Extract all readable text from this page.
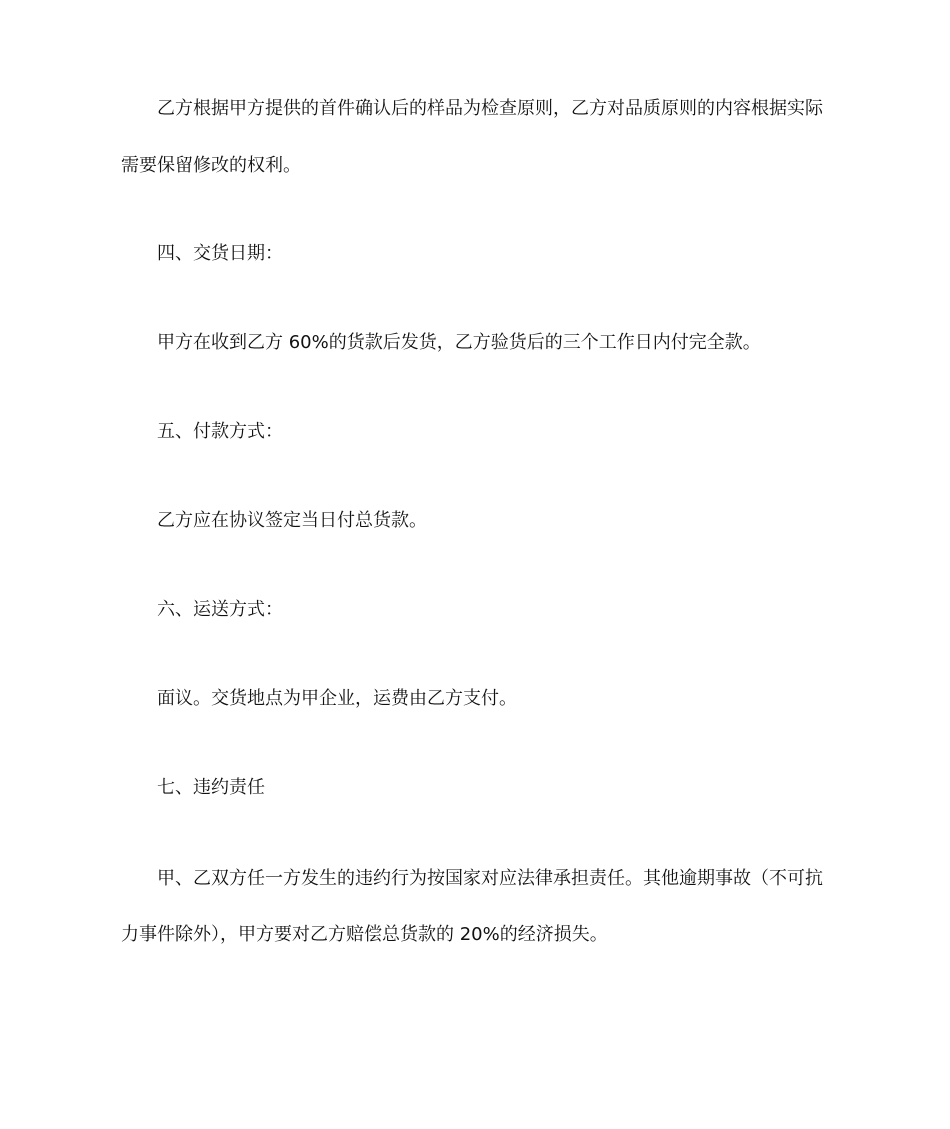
乙方根据甲方提供的首件确认后的样品为检查原则，乙方对品质原则的内容根据实际

需要保留修改的权利。

四、交货日期：

甲方在收到乙方 60%的货款后发货，乙方验货后的三个工作日内付完全款。

五、付款方式：

乙方应在协议签定当日付总货款。

六、运送方式：

面议。交货地点为甲企业，运费由乙方支付。

七、违约责任

甲、乙双方任一方发生的违约行为按国家对应法律承担责任。其他逾期事故（不可抗

力事件除外），甲方要对乙方赔偿总货款的 20%的经济损失。
